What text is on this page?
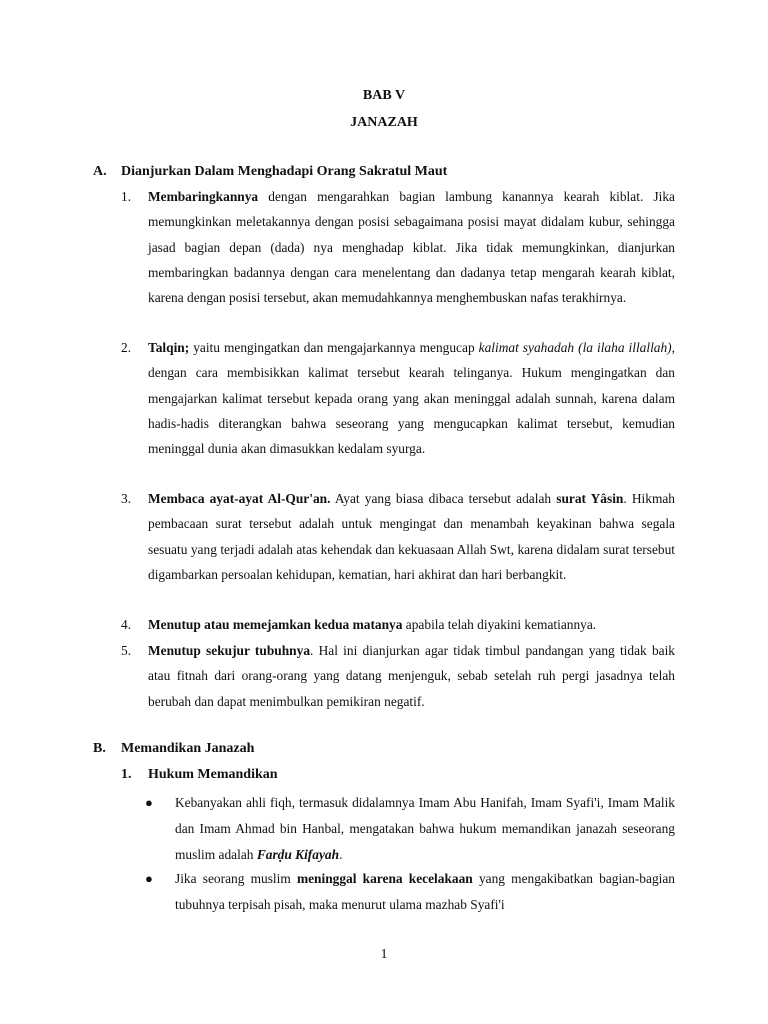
BAB V
JANAZAH
A. Dianjurkan Dalam Menghadapi Orang Sakratul Maut
1. Membaringkannya dengan mengarahkan bagian lambung kanannya kearah kiblat. Jika memungkinkan meletakannya dengan posisi sebagaimana posisi mayat didalam kubur, sehingga jasad bagian depan (dada) nya menghadap kiblat. Jika tidak memungkinkan, dianjurkan membaringkan badannya dengan cara menelentang dan dadanya tetap mengarah kearah kiblat, karena dengan posisi tersebut, akan memudahkannya menghembuskan nafas terakhirnya.
2. Talqin; yaitu mengingatkan dan mengajarkannya mengucap kalimat syahadah (la ilaha illallah), dengan cara membisikkan kalimat tersebut kearah telinganya. Hukum mengingatkan dan mengajarkan kalimat tersebut kepada orang yang akan meninggal adalah sunnah, karena dalam hadis-hadis diterangkan bahwa seseorang yang mengucapkan kalimat tersebut, kemudian meninggal dunia akan dimasukkan kedalam syurga.
3. Membaca ayat-ayat Al-Qur'an. Ayat yang biasa dibaca tersebut adalah surat Yâsin. Hikmah pembacaan surat tersebut adalah untuk mengingat dan menambah keyakinan bahwa segala sesuatu yang terjadi adalah atas kehendak dan kekuasaan Allah Swt, karena didalam surat tersebut digambarkan persoalan kehidupan, kematian, hari akhirat dan hari berbangkit.
4. Menutup atau memejamkan kedua matanya apabila telah diyakini kematiannya.
5. Menutup sekujur tubuhnya. Hal ini dianjurkan agar tidak timbul pandangan yang tidak baik atau fitnah dari orang-orang yang datang menjenguk, sebab setelah ruh pergi jasadnya telah berubah dan dapat menimbulkan pemikiran negatif.
B. Memandikan Janazah
1. Hukum Memandikan
● Kebanyakan ahli fiqh, termasuk didalamnya Imam Abu Hanifah, Imam Syafi'i, Imam Malik dan Imam Ahmad bin Hanbal, mengatakan bahwa hukum memandikan janazah seseorang muslim adalah Farḍu Kifayah.
● Jika seorang muslim meninggal karena kecelakaan yang mengakibatkan bagian-bagian tubuhnya terpisah pisah, maka menurut ulama mazhab Syafi'i
1
